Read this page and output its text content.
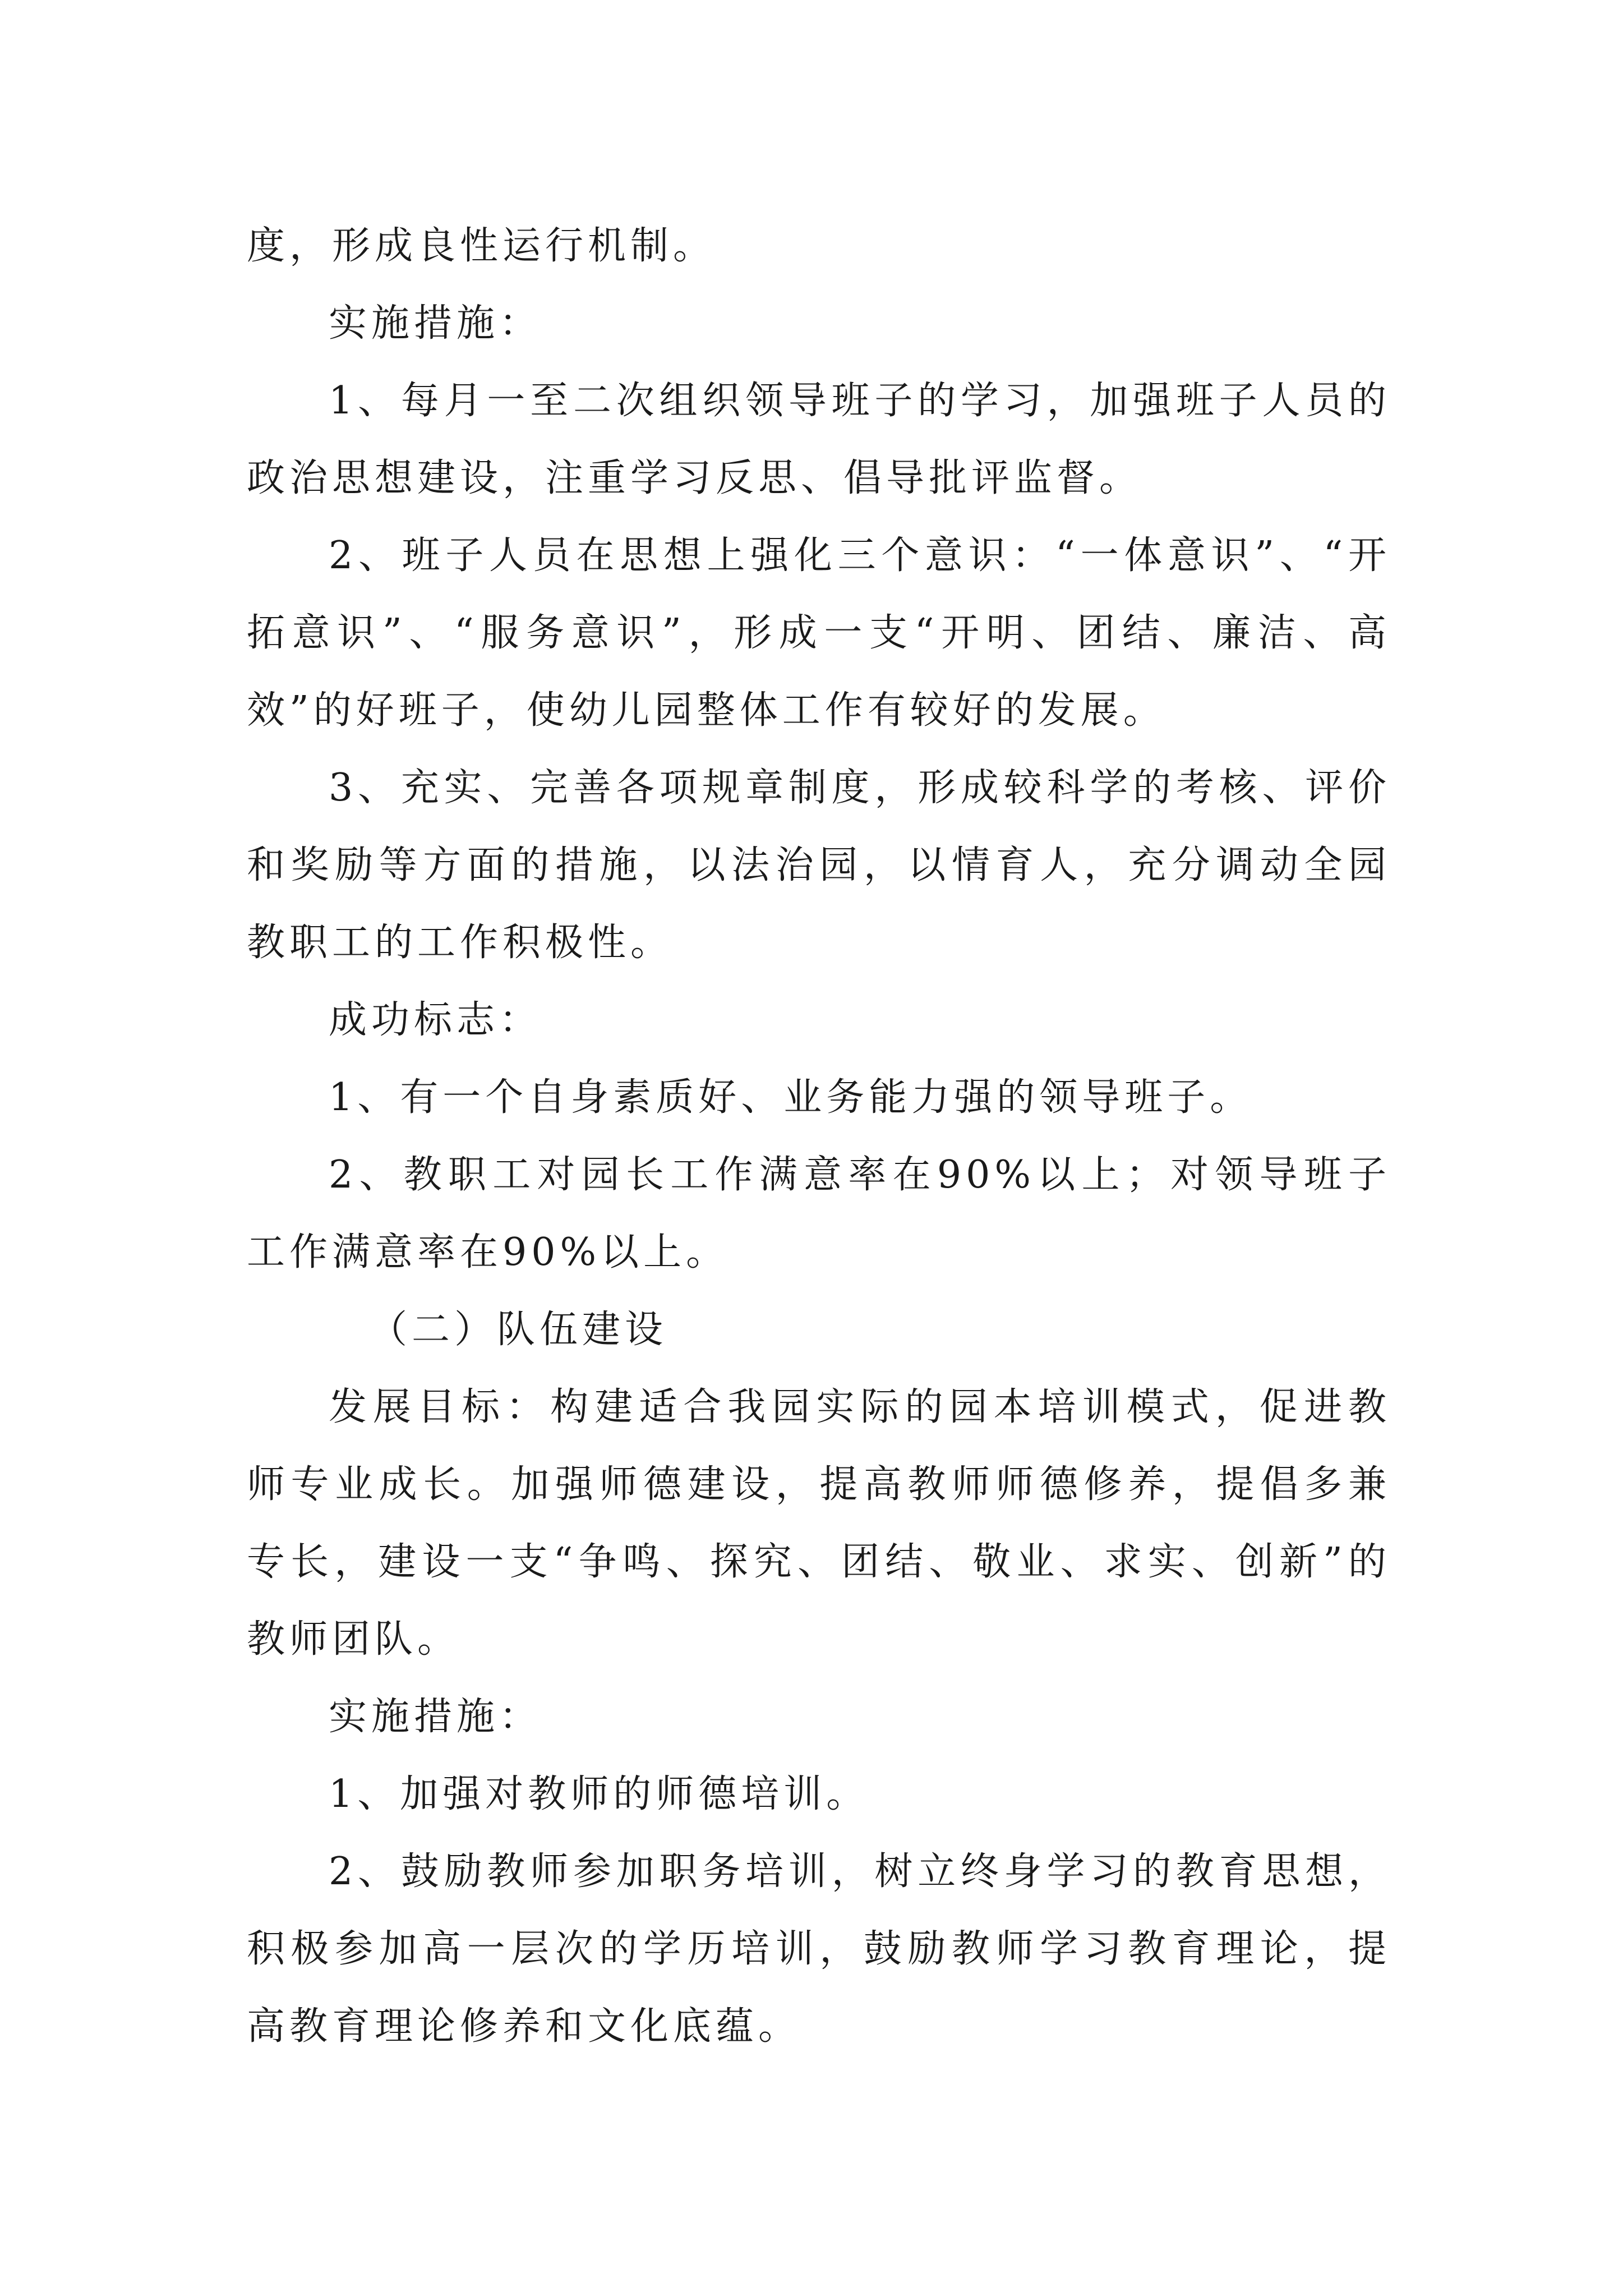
度，形成良性运行机制。

实施措施：

1、每月一至二次组织领导班子的学习，加强班子人员的政治思想建设，注重学习反思、倡导批评监督。

2、班子人员在思想上强化三个意识：“一体意识”、“开拓意识”、“服务意识”，形成一支“开明、团结、廉洁、高效”的好班子，使幼儿园整体工作有较好的发展。

3、充实、完善各项规章制度，形成较科学的考核、评价和奖励等方面的措施，以法治园，以情育人，充分调动全园教职工的工作积极性。

成功标志：

1、有一个自身素质好、业务能力强的领导班子。

2、教职工对园长工作满意率在90%以上；对领导班子工作满意率在90%以上。

（二）队伍建设

发展目标：构建适合我园实际的园本培训模式，促进教师专业成长。加强师德建设，提高教师师德修养，提倡多兼专长，建设一支“争鸣、探究、团结、敬业、求实、创新”的教师团队。

实施措施：

1、加强对教师的师德培训。

2、鼓励教师参加职务培训，树立终身学习的教育思想，积极参加高一层次的学历培训，鼓励教师学习教育理论，提高教育理论修养和文化底蕴。
